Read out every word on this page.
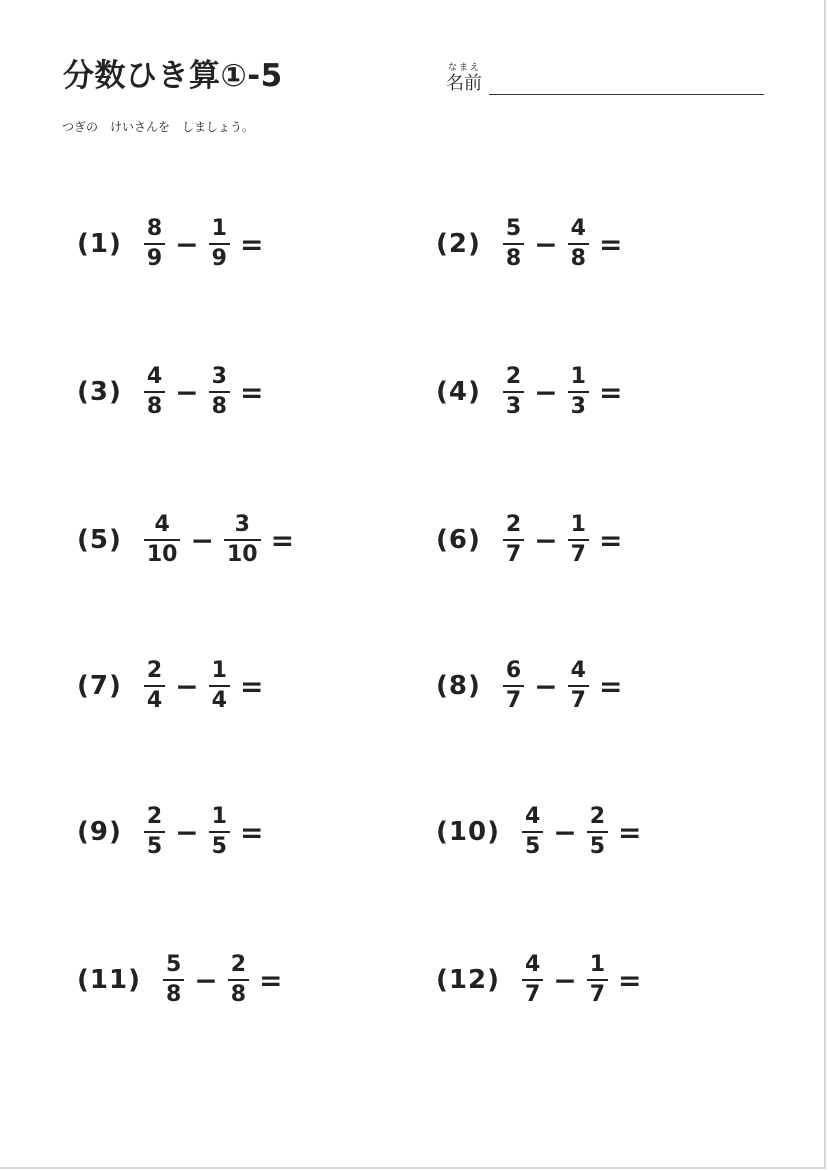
分数ひき算①-5	なまえ
名前
つぎの　けいさんを　しましょう。
$(1) \frac{8}{9} - \frac{1}{9}$ =	$(2) \frac{5}{8} - \frac{4}{8}$ =
$(3) \frac{4}{8} - \frac{3}{8}$ =	$(4) \frac{2}{3} - \frac{1}{3}$ =
$(5) \frac{4}{10} - \frac{3}{10}$ =	$(6) \frac{2}{7} - \frac{1}{7}$ =
$(7) \frac{2}{4} - \frac{1}{4}$ =	$(8) \frac{6}{7} - \frac{4}{7}$ =
$(9) \frac{2}{5} - \frac{1}{5}$ =	$(10) \frac{4}{5} - \frac{2}{5}$ =
$(11) \frac{5}{8} - \frac{2}{8}$ =	$(12) \frac{4}{7} - \frac{1}{7}$ =
